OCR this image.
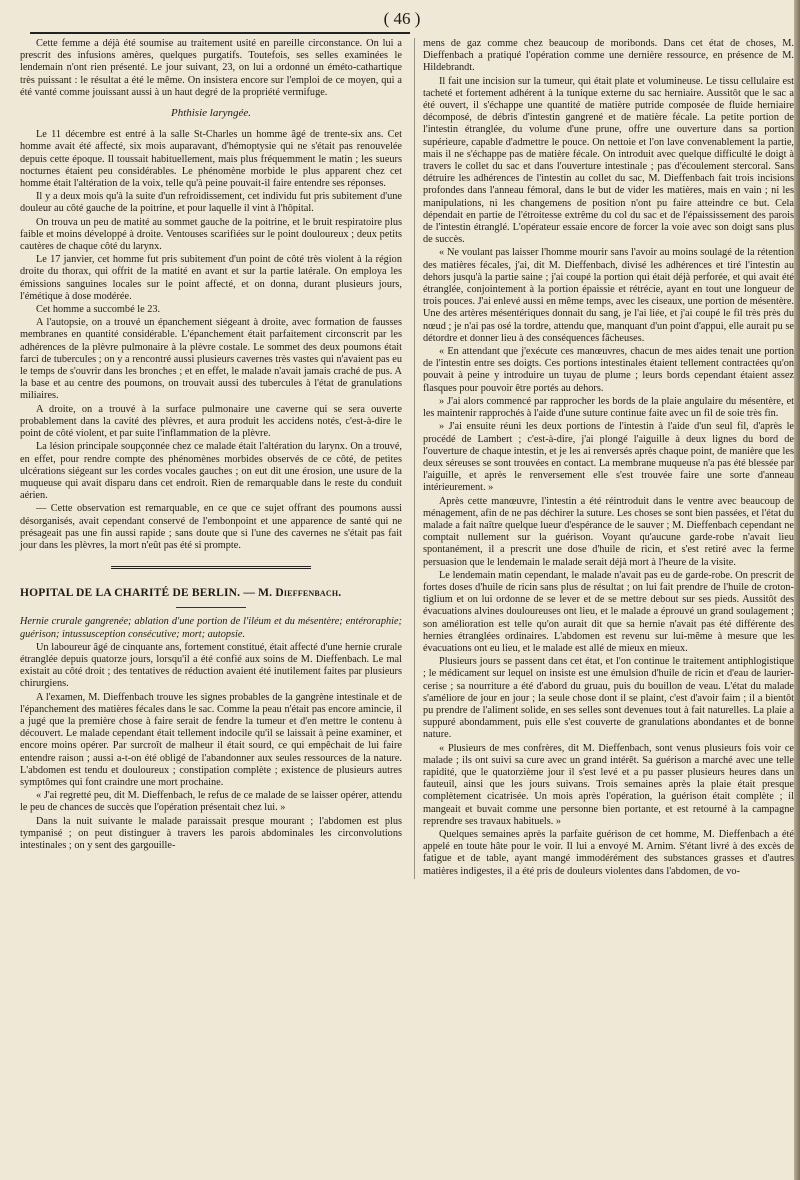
( 46 )

Cette femme a déjà été soumise au traitement usité en pareille circonstance. On lui a prescrit des infusions amères, quelques purgatifs. Toutefois, ses selles examinées le lendemain n'ont rien présenté. Le jour suivant, 23, on lui a ordonné un éméto-cathartique très puissant : le résultat a été le même. On insistera encore sur l'emploi de ce moyen, qui a été vanté comme jouissant aussi à un haut degré de la propriété vermifuge.

Phthisie laryngée.

Le 11 décembre est entré à la salle St-Charles un homme âgé de trente-six ans. Cet homme avait été affecté, six mois auparavant, d'hémoptysie qui ne s'était pas renouvelée depuis cette époque. Il toussait habituellement, mais plus fréquemment le matin ; les sueurs nocturnes étaient peu considérables. Le phénomène morbide le plus apparent chez cet homme était l'altération de la voix, telle qu'à peine pouvait-il faire entendre ses réponses.

Il y a deux mois qu'à la suite d'un refroidissement, cet individu fut pris subitement d'une douleur au côté gauche de la poitrine, et pour laquelle il vint à l'hôpital.

On trouva un peu de matité au sommet gauche de la poitrine, et le bruit respiratoire plus faible et moins développé à droite. Ventouses scarifiées sur le point douloureux ; deux petits cautères de chaque côté du larynx.

Le 17 janvier, cet homme fut pris subitement d'un point de côté très violent à la région droite du thorax, qui offrit de la matité en avant et sur la partie latérale. On employa les émissions sanguines locales sur le point affecté, et on donna, durant plusieurs jours, l'émétique à dose modérée.

Cet homme a succombé le 23.

A l'autopsie, on a trouvé un épanchement siégeant à droite, avec formation de fausses membranes en quantité considérable. L'épanchement était parfaitement circonscrit par les adhérences de la plèvre pulmonaire à la plèvre costale. Le sommet des deux poumons était farci de tubercules ; on y a rencontré aussi plusieurs cavernes très vastes qui n'avaient pas eu le temps de s'ouvrir dans les bronches ; et en effet, le malade n'avait jamais craché de pus. A la base et au centre des poumons, on trouvait aussi des tubercules à l'état de granulations miliaires.

A droite, on a trouvé à la surface pulmonaire une caverne qui se sera ouverte probablement dans la cavité des plèvres, et aura produit les accidens notés, c'est-à-dire le point de côté violent, et par suite l'inflammation de la plèvre.

La lésion principale soupçonnée chez ce malade était l'altération du larynx. On a trouvé, en effet, pour rendre compte des phénomènes morbides observés de ce côté, de petites ulcérations siégeant sur les cordes vocales gauches ; on eut dit une érosion, une usure de la muqueuse qui avait disparu dans cet endroit. Rien de remarquable dans le reste du conduit aérien.

— Cette observation est remarquable, en ce que ce sujet offrant des poumons aussi désorganisés, avait cependant conservé de l'embonpoint et une apparence de santé qui ne présageait pas une fin aussi rapide ; sans doute que si l'une des cavernes ne s'était pas fait jour dans les plèvres, la mort n'eût pas été si prompte.

HOPITAL DE LA CHARITÉ DE BERLIN. — M. Dieffenbach.

Hernie crurale gangrenée; ablation d'une portion de l'iléum et du mésentère; entéroraphie; guérison; intussusception consécutive; mort; autopsie.

Un laboureur âgé de cinquante ans, fortement constitué, était affecté d'une hernie crurale étranglée depuis quatorze jours, lorsqu'il a été confié aux soins de M. Dieffenbach. Le mal existait au côté droit ; des tentatives de réduction avaient été inutilement faites par plusieurs chirurgiens.

A l'examen, M. Dieffenbach trouve les signes probables de la gangrène intestinale et de l'épanchement des matières fécales dans le sac. Comme la peau n'était pas encore amincie, il a jugé que la première chose à faire serait de fendre la tumeur et d'en mettre le contenu à découvert. Le malade cependant était tellement indocile qu'il se laissait à peine examiner, et encore moins opérer. Par surcroît de malheur il était sourd, ce qui empêchait de lui faire entendre raison ; aussi a-t-on été obligé de l'abandonner aux seules ressources de la nature. L'abdomen est tendu et douloureux ; constipation complète ; existence de plusieurs autres symptômes qui font craindre une mort prochaine.

« J'ai regretté peu, dit M. Dieffenbach, le refus de ce malade de se laisser opérer, attendu le peu de chances de succès que l'opération présentait chez lui. »

Dans la nuit suivante le malade paraissait presque mourant ; l'abdomen est plus tympanisé ; on peut distinguer à travers les parois abdominales les circonvolutions intestinales ; on y sent des gargouille-

mens de gaz comme chez beaucoup de moribonds. Dans cet état de choses, M. Dieffenbach a pratiqué l'opération comme une dernière ressource, en présence de M. Hildebrandt.

Il fait une incision sur la tumeur, qui était plate et volumineuse. Le tissu cellulaire est tacheté et fortement adhérent à la tunique externe du sac herniaire. Aussitôt que le sac a été ouvert, il s'échappe une quantité de matière putride composée de fluide herniaire décomposé, de débris d'intestin gangrené et de matière fécale. La petite portion de l'intestin étranglée, du volume d'une prune, offre une ouverture dans sa portion supérieure, capable d'admettre le pouce. On nettoie et l'on lave convenablement la partie, mais il ne s'échappe pas de matière fécale. On introduit avec quelque difficulté le doigt à travers le collet du sac et dans l'ouverture intestinale ; pas d'écoulement stercoral. Sans détruire les adhérences de l'intestin au collet du sac, M. Dieffenbach fait trois incisions profondes dans l'anneau fémoral, dans le but de vider les matières, mais en vain ; ni les manipulations, ni les changemens de position n'ont pu faire atteindre ce but. Cela dépendait en partie de l'étroitesse extrême du col du sac et de l'épaississement des parois de l'intestin étranglé. L'opérateur essaie encore de forcer la voie avec son doigt sans plus de succès.

« Ne voulant pas laisser l'homme mourir sans l'avoir au moins soulagé de la rétention des matières fécales, j'ai, dit M. Dieffenbach, divisé les adhérences et tiré l'intestin au dehors jusqu'à la partie saine ; j'ai coupé la portion qui était déjà perforée, et qui avait été étranglée, conjointement à la portion épaissie et rétrécie, ayant en tout une longueur de trois pouces. J'ai enlevé aussi en même temps, avec les ciseaux, une portion de mésentère. Une des artères mésentériques donnait du sang, je l'ai liée, et j'ai coupé le fil très près du nœud ; je n'ai pas osé la tordre, attendu que, manquant d'un point d'appui, elle aurait pu se détordre et donner lieu à des conséquences fâcheuses.

« En attendant que j'exécute ces manœuvres, chacun de mes aides tenait une portion de l'intestin entre ses doigts. Ces portions intestinales étaient tellement contractées qu'on pouvait à peine y introduire un tuyau de plume ; leurs bords cependant étaient assez flasques pour pouvoir être portés au dehors.

» J'ai alors commencé par rapprocher les bords de la plaie angulaire du mésentère, et les maintenir rapprochés à l'aide d'une suture continue faite avec un fil de soie très fin.

» J'ai ensuite réuni les deux portions de l'intestin à l'aide d'un seul fil, d'après le procédé de Lambert ; c'est-à-dire, j'ai plongé l'aiguille à deux lignes du bord de l'ouverture de chaque intestin, et je les ai renversés après chaque point, de manière que les deux séreuses se sont trouvées en contact. La membrane muqueuse n'a pas été blessée par l'aiguille, et après le renversement elle s'est trouvée faire une sorte d'anneau intérieurement. »

Après cette manœuvre, l'intestin a été réintroduit dans le ventre avec beaucoup de ménagement, afin de ne pas déchirer la suture. Les choses se sont bien passées, et l'état du malade a fait naître quelque lueur d'espérance de le sauver ; M. Dieffenbach cependant ne comptait nullement sur la guérison. Voyant qu'aucune garde-robe n'avait lieu spontanément, il a prescrit une dose d'huile de ricin, et s'est retiré avec la ferme persuasion que le lendemain le malade serait déjà mort à l'heure de la visite.

Le lendemain matin cependant, le malade n'avait pas eu de garde-robe. On prescrit de fortes doses d'huile de ricin sans plus de résultat ; on lui fait prendre de l'huile de croton-tiglium et on lui ordonne de se lever et de se mettre debout sur ses pieds. Aussitôt des évacuations alvines douloureuses ont lieu, et le malade a éprouvé un grand soulagement ; son amélioration est telle qu'on aurait dit que sa hernie n'avait pas été différente des hernies étranglées ordinaires. L'abdomen est revenu sur lui-même à mesure que les évacuations ont eu lieu, et le malade est allé de mieux en mieux.

Plusieurs jours se passent dans cet état, et l'on continue le traitement antiphlogistique ; le médicament sur lequel on insiste est une émulsion d'huile de ricin et d'eau de laurier-cerise ; sa nourriture a été d'abord du gruau, puis du bouillon de veau. L'état du malade s'améliore de jour en jour ; la seule chose dont il se plaint, c'est d'avoir faim ; il a bientôt pu prendre de l'aliment solide, en ses selles sont devenues tout à fait naturelles. La plaie a suppuré abondamment, puis elle s'est couverte de granulations abondantes et de bonne nature.

« Plusieurs de mes confrères, dit M. Dieffenbach, sont venus plusieurs fois voir ce malade ; ils ont suivi sa cure avec un grand intérêt. Sa guérison a marché avec une telle rapidité, que le quatorzième jour il s'est levé et a pu passer plusieurs heures dans un fauteuil, ainsi que les jours suivans. Trois semaines après la plaie était presque complètement cicatrisée. Un mois après l'opération, la guérison était complète ; il mangeait et buvait comme une personne bien portante, et est retourné à la campagne reprendre ses travaux habituels. »

Quelques semaines après la parfaite guérison de cet homme, M. Dieffenbach a été appelé en toute hâte pour le voir. Il lui a envoyé M. Arnim. S'étant livré à des excès de fatigue et de table, ayant mangé immodérément des substances grasses et d'autres matières indigestes, il a été pris de douleurs violentes dans l'abdomen, de vo-
